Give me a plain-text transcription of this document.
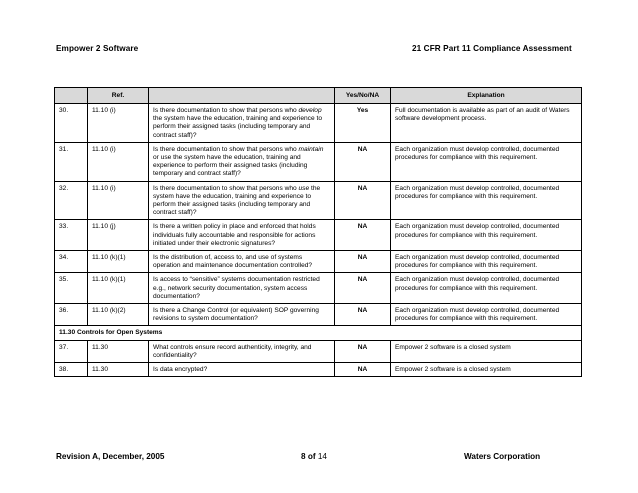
Empower 2 Software	21 CFR Part 11 Compliance Assessment
	Ref.		Yes/No/NA	Explanation
30.	11.10 (i)	Is there documentation to show that persons who develop the system have the education, training and experience to perform their assigned tasks (including temporary and contract staff)?	Yes	Full documentation is available as part of an audit of Waters software development process.
31.	11.10 (i)	Is there documentation to show that persons who maintain or use the system have the education, training and experience to perform their assigned tasks (including temporary and contract staff)?	NA	Each organization must develop controlled, documented procedures for compliance with this requirement.
32.	11.10 (i)	Is there documentation to show that persons who use the system have the education, training and experience to perform their assigned tasks (including temporary and contract staff)?	NA	Each organization must develop controlled, documented procedures for compliance with this requirement.
33.	11.10 (j)	Is there a written policy in place and enforced that holds individuals fully accountable and responsible for actions initiated under their electronic signatures?	NA	Each organization must develop controlled, documented procedures for compliance with this requirement.
34.	11.10 (k)(1)	Is the distribution of, access to, and use of systems operation and maintenance documentation controlled?	NA	Each organization must develop controlled, documented procedures for compliance with this requirement.
35.	11.10 (k)(1)	Is access to “sensitive” systems documentation restricted e.g., network security documentation, system access documentation?	NA	Each organization must develop controlled, documented procedures for compliance with this requirement.
36.	11.10 (k)(2)	Is there a Change Control (or equivalent) SOP governing revisions to system documentation?	NA	Each organization must develop controlled, documented procedures for compliance with this requirement.
11.30 Controls for Open Systems				
37.	11.30	What controls ensure record authenticity, integrity, and confidentiality?	NA	Empower 2 software is a closed system
38.	11.30	Is data encrypted?	NA	Empower 2 software is a closed system
Revision A, December, 2005	8 of 14	Waters Corporation
